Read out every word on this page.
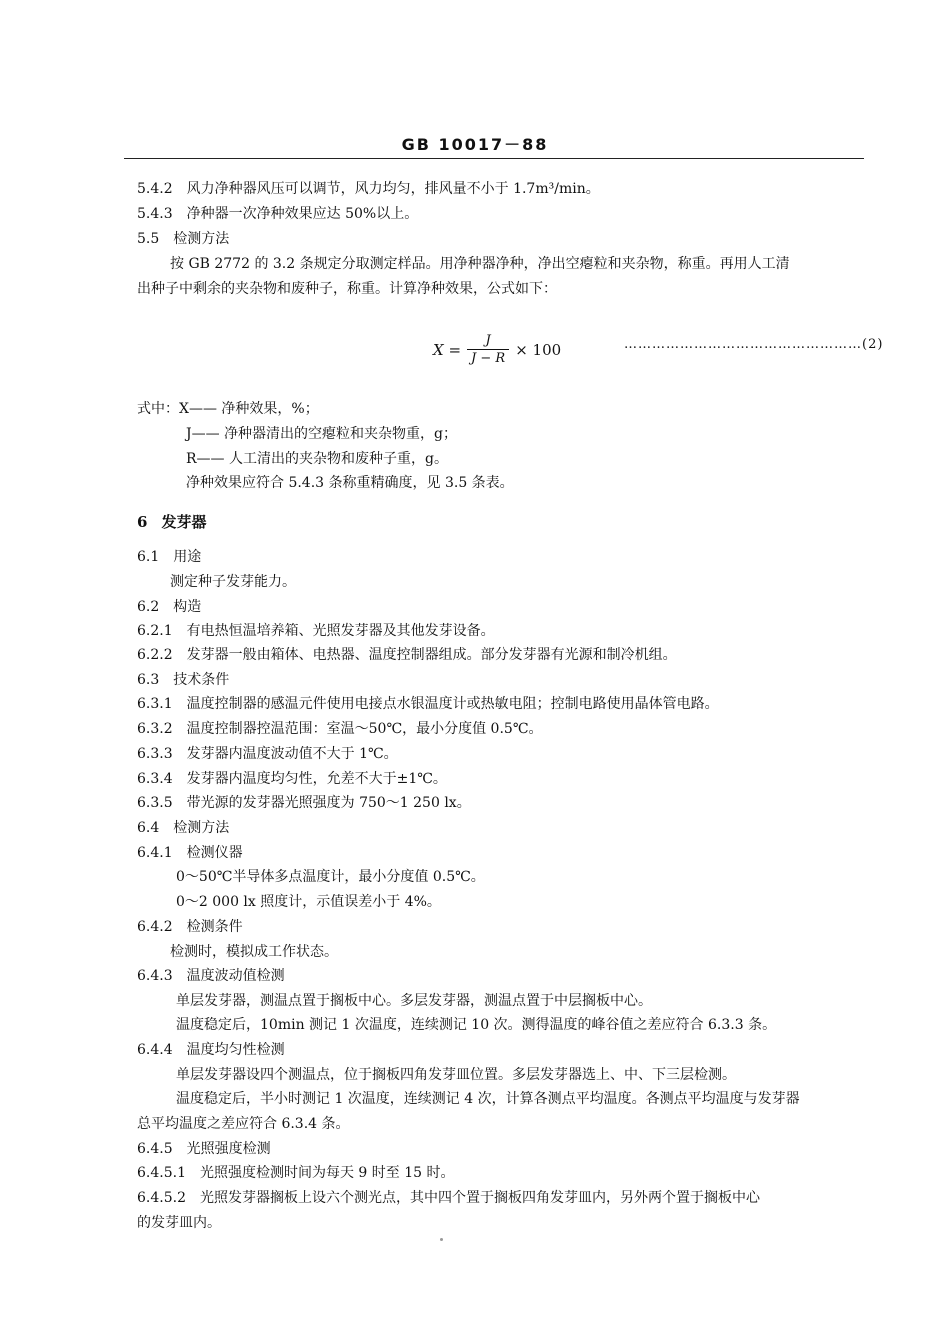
GB 10017－88
5.4.2 风力净种器风压可以调节，风力均匀，排风量不小于 1.7m³/min。
5.4.3 净种器一次净种效果应达 50%以上。
5.5 检测方法
按 GB 2772 的 3.2 条规定分取测定样品。用净种器净种，净出空瘪粒和夹杂物，称重。再用人工清
出种子中剩余的夹杂物和废种子，称重。计算净种效果，公式如下：
$X = \frac{J}{J - R} \times 100$	……………………………………………(2)
式中：X—— 净种效果，%；
J—— 净种器清出的空瘪粒和夹杂物重，g；
R—— 人工清出的夹杂物和废种子重，g。
净种效果应符合 5.4.3 条称重精确度，见 3.5 条表。
6 发芽器
6.1 用途
测定种子发芽能力。
6.2 构造
6.2.1 有电热恒温培养箱、光照发芽器及其他发芽设备。
6.2.2 发芽器一般由箱体、电热器、温度控制器组成。部分发芽器有光源和制冷机组。
6.3 技术条件
6.3.1 温度控制器的感温元件使用电接点水银温度计或热敏电阻；控制电路使用晶体管电路。
6.3.2 温度控制器控温范围：室温～50℃，最小分度值 0.5℃。
6.3.3 发芽器内温度波动值不大于 1℃。
6.3.4 发芽器内温度均匀性，允差不大于±1℃。
6.3.5 带光源的发芽器光照强度为 750～1 250 lx。
6.4 检测方法
6.4.1 检测仪器
0～50℃半导体多点温度计，最小分度值 0.5℃。
0～2 000 lx 照度计，示值误差小于 4%。
6.4.2 检测条件
检测时，模拟成工作状态。
6.4.3 温度波动值检测
单层发芽器，测温点置于搁板中心。多层发芽器，测温点置于中层搁板中心。
温度稳定后，10min 测记 1 次温度，连续测记 10 次。测得温度的峰谷值之差应符合 6.3.3 条。
6.4.4 温度均匀性检测
单层发芽器设四个测温点，位于搁板四角发芽皿位置。多层发芽器选上、中、下三层检测。
温度稳定后，半小时测记 1 次温度，连续测记 4 次，计算各测点平均温度。各测点平均温度与发芽器
总平均温度之差应符合 6.3.4 条。
6.4.5 光照强度检测
6.4.5.1 光照强度检测时间为每天 9 时至 15 时。
6.4.5.2 光照发芽器搁板上设六个测光点，其中四个置于搁板四角发芽皿内，另外两个置于搁板中心
的发芽皿内。
